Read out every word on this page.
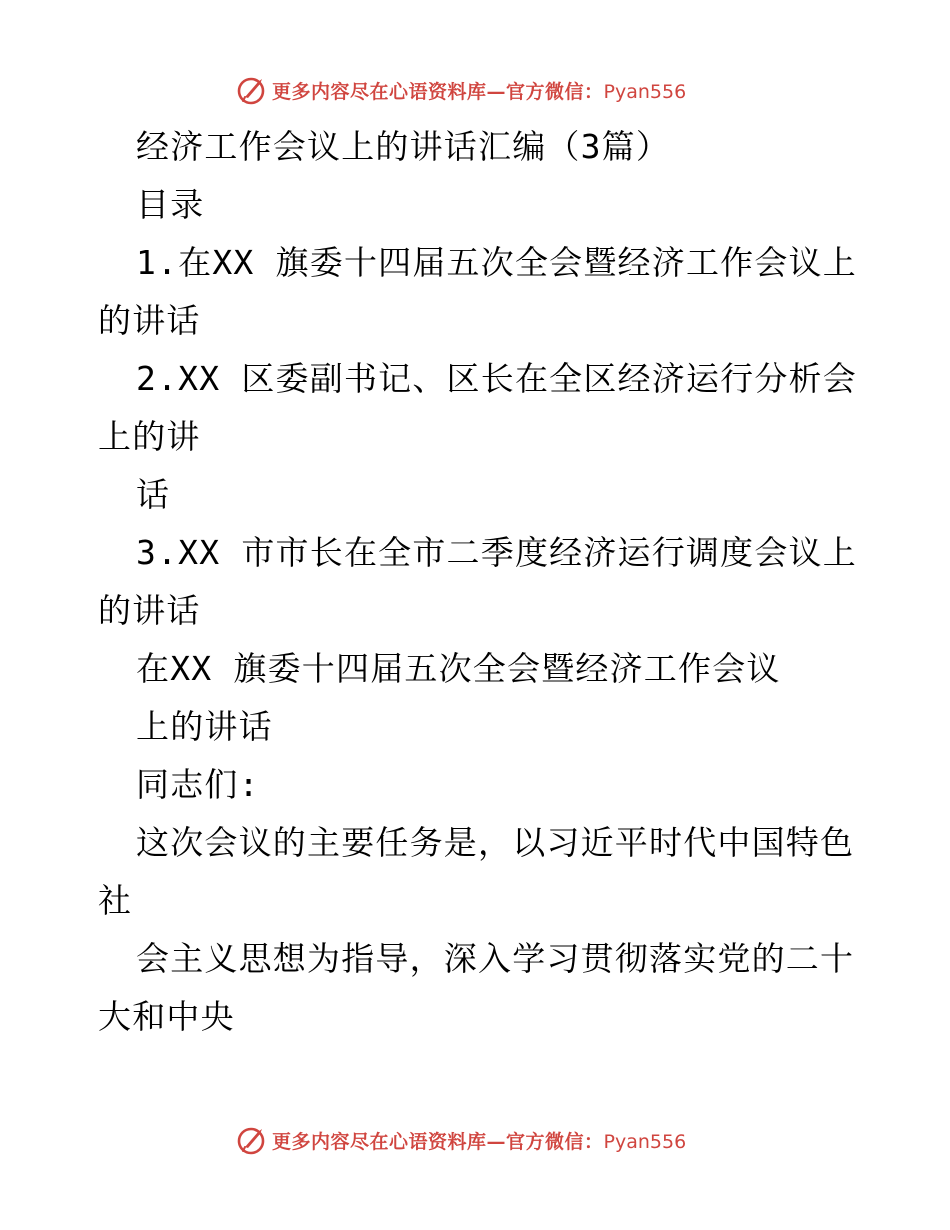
更多内容尽在心语资料库—官方微信：Pyan556
经济工作会议上的讲话汇编（3篇）
目录
1.在XX 旗委十四届五次全会暨经济工作会议上
的讲话
2.XX 区委副书记、区长在全区经济运行分析会
上的讲
话
3.XX 市市长在全市二季度经济运行调度会议上
的讲话
在XX 旗委十四届五次全会暨经济工作会议
上的讲话
同志们:
这次会议的主要任务是，以习近平时代中国特色
社
会主义思想为指导，深入学习贯彻落实党的二十
大和中央
更多内容尽在心语资料库—官方微信：Pyan556
